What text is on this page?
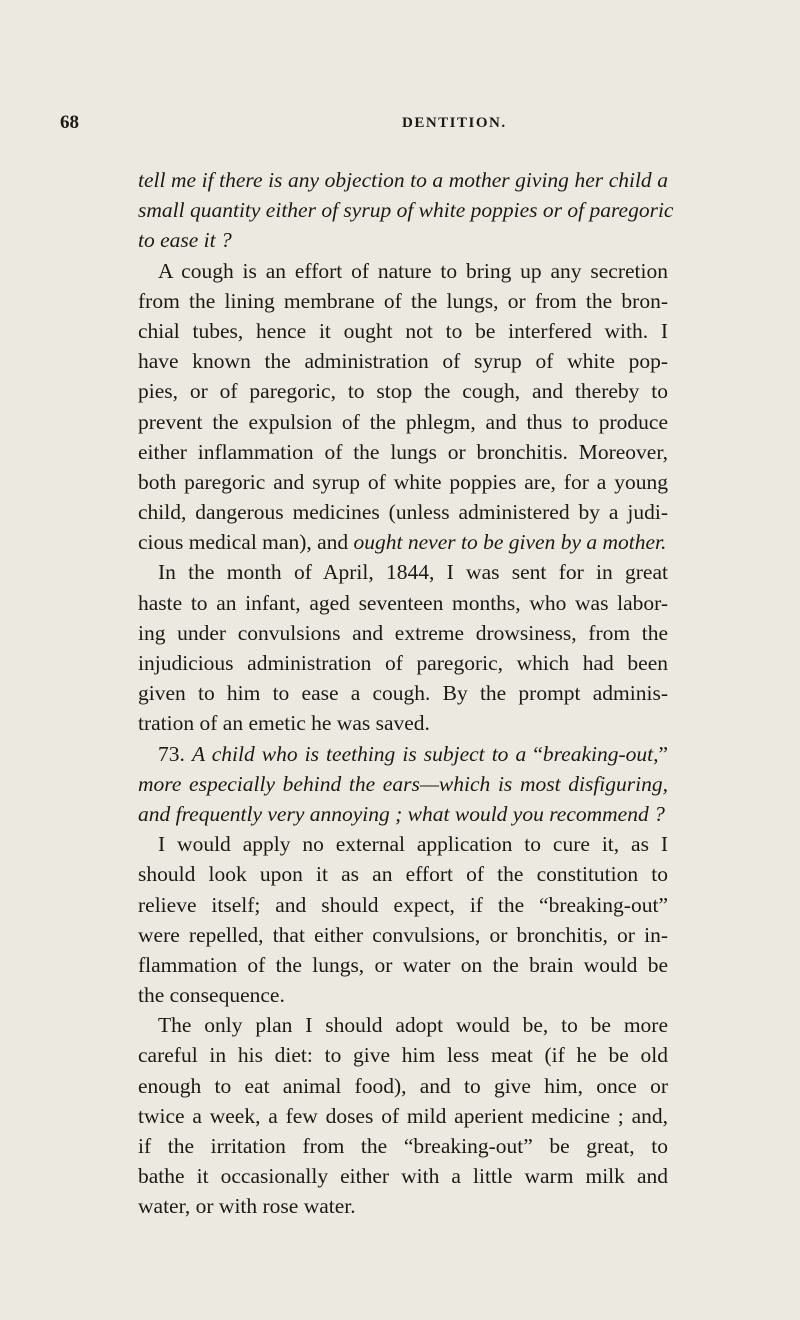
68	DENTITION.
tell me if there is any objection to a mother giving her child a
small quantity either of syrup of white poppies or of paregoric
to ease it ?
A cough is an effort of nature to bring up any secretion
from the lining membrane of the lungs, or from the bron-
chial tubes, hence it ought not to be interfered with. I
have known the administration of syrup of white pop-
pies, or of paregoric, to stop the cough, and thereby to
prevent the expulsion of the phlegm, and thus to produce
either inflammation of the lungs or bronchitis. Moreover,
both paregoric and syrup of white poppies are, for a young
child, dangerous medicines (unless administered by a judi-
cious medical man), and ought never to be given by a mother.
In the month of April, 1844, I was sent for in great
haste to an infant, aged seventeen months, who was labor-
ing under convulsions and extreme drowsiness, from the
injudicious administration of paregoric, which had been
given to him to ease a cough. By the prompt adminis-
tration of an emetic he was saved.
73. A child who is teething is subject to a “breaking-out,”
more especially behind the ears—which is most disfiguring,
and frequently very annoying ; what would you recommend ?
I would apply no external application to cure it, as I
should look upon it as an effort of the constitution to
relieve itself; and should expect, if the “breaking-out”
were repelled, that either convulsions, or bronchitis, or in-
flammation of the lungs, or water on the brain would be
the consequence.
The only plan I should adopt would be, to be more
careful in his diet: to give him less meat (if he be old
enough to eat animal food), and to give him, once or
twice a week, a few doses of mild aperient medicine ; and,
if the irritation from the “breaking-out” be great, to
bathe it occasionally either with a little warm milk and
water, or with rose water.
